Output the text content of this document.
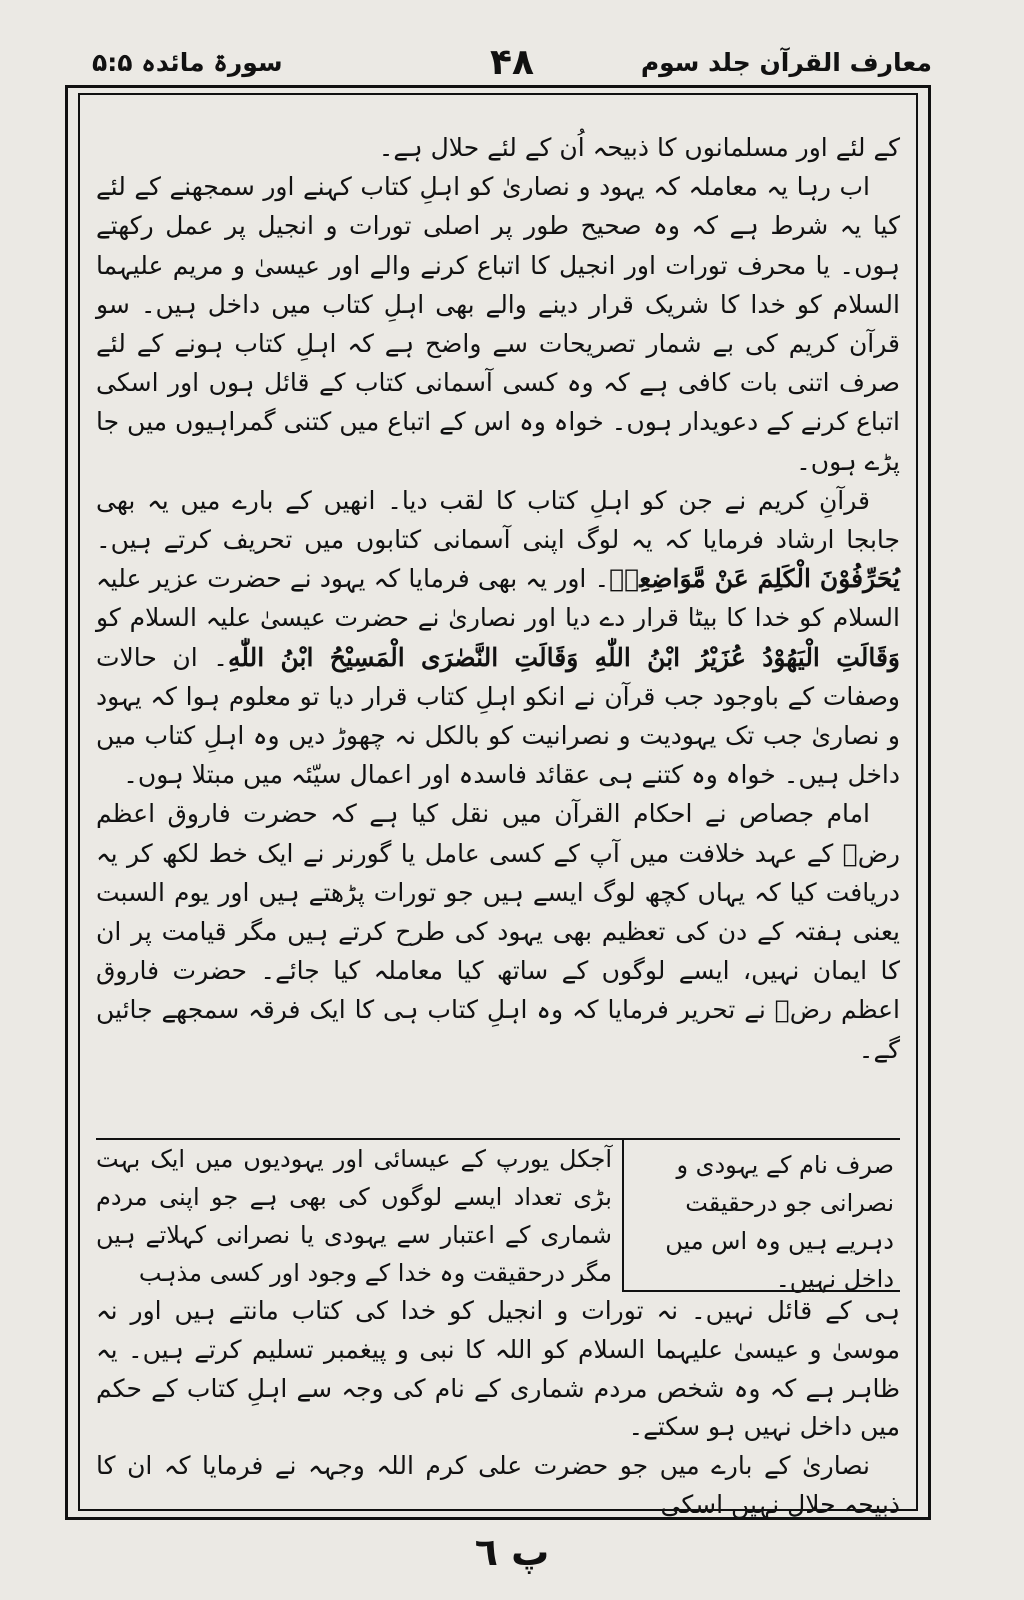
سورۃ مائدہ ۵:۵	۴۸	معارف القرآن جلد سوم

کے لئے اور مسلمانوں کا ذبیحہ اُن کے لئے حلال ہے۔

اب رہا یہ معاملہ کہ یہود و نصاریٰ کو اہلِ کتاب کہنے اور سمجھنے کے لئے کیا یہ شرط ہے کہ وہ صحیح طور پر اصلی تورات و انجیل پر عمل رکھتے ہوں۔ یا محرف تورات اور انجیل کا اتباع کرنے والے اور عیسیٰ و مریم علیہما السلام کو خدا کا شریک قرار دینے والے بھی اہلِ کتاب میں داخل ہیں۔ سو قرآن کریم کی بے شمار تصریحات سے واضح ہے کہ اہلِ کتاب ہونے کے لئے صرف اتنی بات کافی ہے کہ وہ کسی آسمانی کتاب کے قائل ہوں اور اسکی اتباع کرنے کے دعویدار ہوں۔ خواہ وہ اس کے اتباع میں کتنی گمراہیوں میں جا پڑے ہوں۔

قرآنِ کریم نے جن کو اہلِ کتاب کا لقب دیا۔ انھیں کے بارے میں یہ بھی جابجا ارشاد فرمایا کہ یہ لوگ اپنی آسمانی کتابوں میں تحریف کرتے ہیں۔ یُحَرِّفُوْنَ الْكَلِمَ عَنْ مَّوَاضِعِهٖ۔ اور یہ بھی فرمایا کہ یہود نے حضرت عزیر علیہ السلام کو خدا کا بیٹا قرار دے دیا اور نصاریٰ نے حضرت عیسیٰ علیہ السلام کو وَقَالَتِ الْيَهُوْدُ عُزَيْرُ ابْنُ اللّٰهِ وَقَالَتِ النَّصٰرَى الْمَسِيْحُ ابْنُ اللّٰهِ۔ ان حالات وصفات کے باوجود جب قرآن نے انکو اہلِ کتاب قرار دیا تو معلوم ہوا کہ یہود و نصاریٰ جب تک یہودیت و نصرانیت کو بالکل نہ چھوڑ دیں وہ اہلِ کتاب میں داخل ہیں۔ خواہ وہ کتنے ہی عقائد فاسدہ اور اعمال سیّئہ میں مبتلا ہوں۔

امام جصاص نے احکام القرآن میں نقل کیا ہے کہ حضرت فاروق اعظم رضؓ کے عہد خلافت میں آپ کے کسی عامل یا گورنر نے ایک خط لکھ کر یہ دریافت کیا کہ یہاں کچھ لوگ ایسے ہیں جو تورات پڑھتے ہیں اور یوم السبت یعنی ہفتہ کے دن کی تعظیم بھی یہود کی طرح کرتے ہیں مگر قیامت پر ان کا ایمان نہیں، ایسے لوگوں کے ساتھ کیا معاملہ کیا جائے۔ حضرت فاروق اعظم رضؓ نے تحریر فرمایا کہ وہ اہلِ کتاب ہی کا ایک فرقہ سمجھے جائیں گے۔

صرف نام کے یہودی و نصرانی جو درحقیقت دہریے ہیں وہ اس میں داخل نہیں۔
آجکل یورپ کے عیسائی اور یہودیوں میں ایک بہت بڑی تعداد ایسے لوگوں کی بھی ہے جو اپنی مردم شماری کے اعتبار سے یہودی یا نصرانی کہلاتے ہیں مگر درحقیقت وہ خدا کے وجود اور کسی مذہب

ہی کے قائل نہیں۔ نہ تورات و انجیل کو خدا کی کتاب مانتے ہیں اور نہ موسیٰ و عیسیٰ علیہما السلام کو اللہ کا نبی و پیغمبر تسلیم کرتے ہیں۔ یہ ظاہر ہے کہ وہ شخص مردم شماری کے نام کی وجہ سے اہلِ کتاب کے حکم میں داخل نہیں ہو سکتے۔

نصاریٰ کے بارے میں جو حضرت علی کرم اللہ وجہہ نے فرمایا کہ ان کا ذبیحہ حلال نہیں اسکی

پ ٦
